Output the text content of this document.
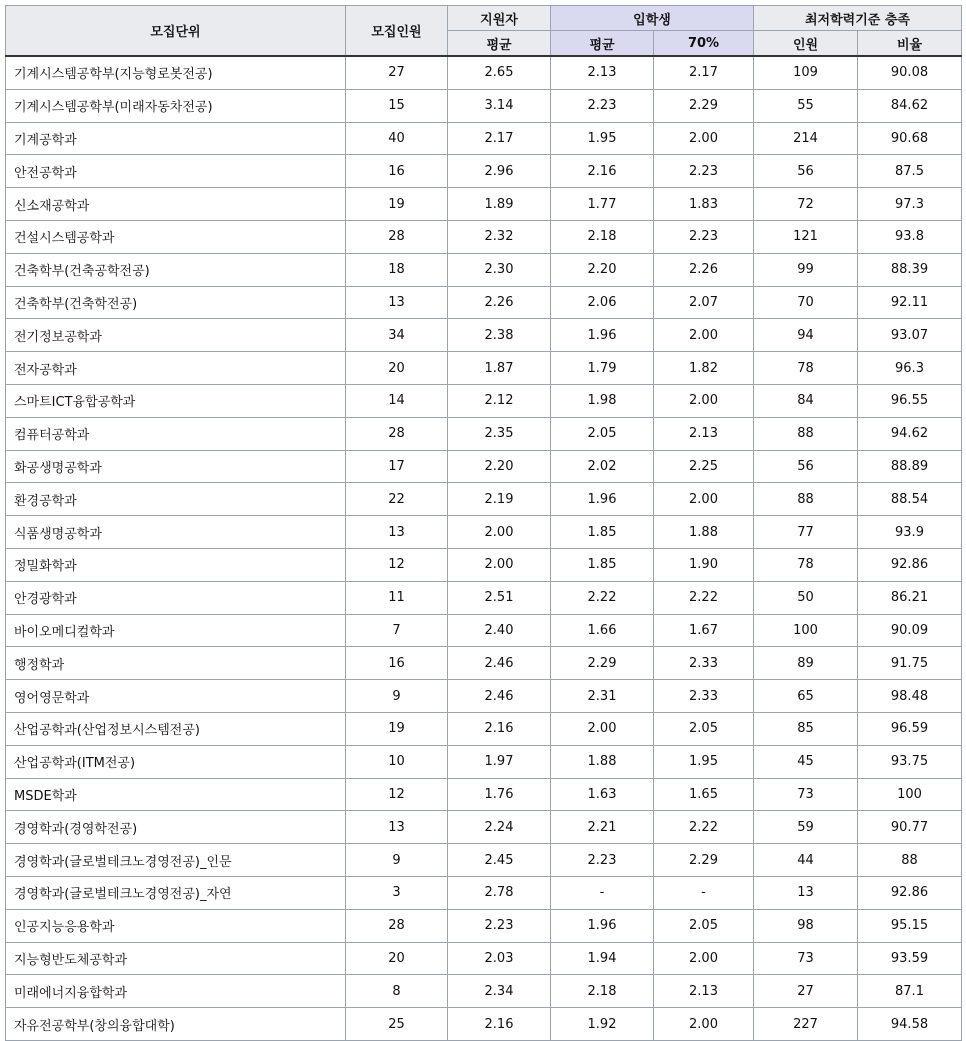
모집단위	모집인원	지원자	입학생		최저학력기준 충족	
		평균	평균	70%	인원	비율
기계시스템공학부(지능형로봇전공)	27	2.65	2.13	2.17	109	90.08
기계시스템공학부(미래자동차전공)	15	3.14	2.23	2.29	55	84.62
기계공학과	40	2.17	1.95	2.00	214	90.68
안전공학과	16	2.96	2.16	2.23	56	87.5
신소재공학과	19	1.89	1.77	1.83	72	97.3
건설시스템공학과	28	2.32	2.18	2.23	121	93.8
건축학부(건축공학전공)	18	2.30	2.20	2.26	99	88.39
건축학부(건축학전공)	13	2.26	2.06	2.07	70	92.11
전기정보공학과	34	2.38	1.96	2.00	94	93.07
전자공학과	20	1.87	1.79	1.82	78	96.3
스마트ICT융합공학과	14	2.12	1.98	2.00	84	96.55
컴퓨터공학과	28	2.35	2.05	2.13	88	94.62
화공생명공학과	17	2.20	2.02	2.25	56	88.89
환경공학과	22	2.19	1.96	2.00	88	88.54
식품생명공학과	13	2.00	1.85	1.88	77	93.9
정밀화학과	12	2.00	1.85	1.90	78	92.86
안경광학과	11	2.51	2.22	2.22	50	86.21
바이오메디컬학과	7	2.40	1.66	1.67	100	90.09
행정학과	16	2.46	2.29	2.33	89	91.75
영어영문학과	9	2.46	2.31	2.33	65	98.48
산업공학과(산업정보시스템전공)	19	2.16	2.00	2.05	85	96.59
산업공학과(ITM전공)	10	1.97	1.88	1.95	45	93.75
MSDE학과	12	1.76	1.63	1.65	73	100
경영학과(경영학전공)	13	2.24	2.21	2.22	59	90.77
경영학과(글로벌테크노경영전공)_인문	9	2.45	2.23	2.29	44	88
경영학과(글로벌테크노경영전공)_자연	3	2.78	-	-	13	92.86
인공지능응용학과	28	2.23	1.96	2.05	98	95.15
지능형반도체공학과	20	2.03	1.94	2.00	73	93.59
미래에너지융합학과	8	2.34	2.18	2.13	27	87.1
자유전공학부(창의융합대학)	25	2.16	1.92	2.00	227	94.58
